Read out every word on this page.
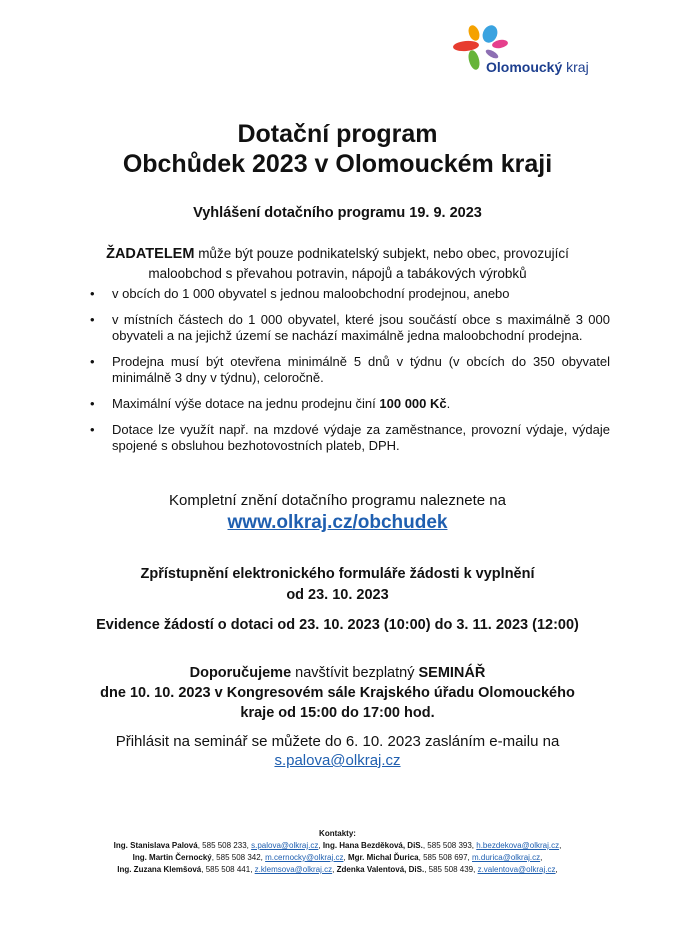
Olomoucký kraj
Dotační program
Obchůdek 2023 v Olomouckém kraji
Vyhlášení dotačního programu 19. 9. 2023
ŽADATELEM může být pouze podnikatelský subjekt, nebo obec, provozující
maloobchod s převahou potravin, nápojů a tabákových výrobků
• v obcích do 1 000 obyvatel s jednou maloobchodní prodejnou, anebo
• v místních částech do 1 000 obyvatel, které jsou součástí obce s maximálně 3 000 obyvateli a na jejichž území se nachází maximálně jedna maloobchodní prodejna.
• Prodejna musí být otevřena minimálně 5 dnů v týdnu (v obcích do 350 obyvatel minimálně 3 dny v týdnu), celoročně.
• Maximální výše dotace na jednu prodejnu činí 100 000 Kč.
• Dotace lze využít např. na mzdové výdaje za zaměstnance, provozní výdaje, výdaje spojené s obsluhou bezhotovostních plateb, DPH.
Kompletní znění dotačního programu naleznete na
www.olkraj.cz/obchudek
Zpřístupnění elektronického formuláře žádosti k vyplnění
od 23. 10. 2023
Evidence žádostí o dotaci od 23. 10. 2023 (10:00) do 3. 11. 2023 (12:00)
Doporučujeme navštívit bezplatný SEMINÁŘ
dne 10. 10. 2023 v Kongresovém sále Krajského úřadu Olomouckého
kraje od 15:00 do 17:00 hod.
Přihlásit na seminář se můžete do 6. 10. 2023 zasláním e-mailu na
s.palova@olkraj.cz
Kontakty:
Ing. Stanislava Palová, 585 508 233, s.palova@olkraj.cz, Ing. Hana Bezděková, DiS., 585 508 393, h.bezdekova@olkraj.cz,
Ing. Martin Černocký, 585 508 342, m.cernocky@olkraj.cz, Mgr. Michal Ďurica, 585 508 697, m.durica@olkraj.cz,
Ing. Zuzana Klemšová, 585 508 441, z.klemsova@olkraj.cz, Zdenka Valentová, DiS., 585 508 439, z.valentova@olkraj.cz,
